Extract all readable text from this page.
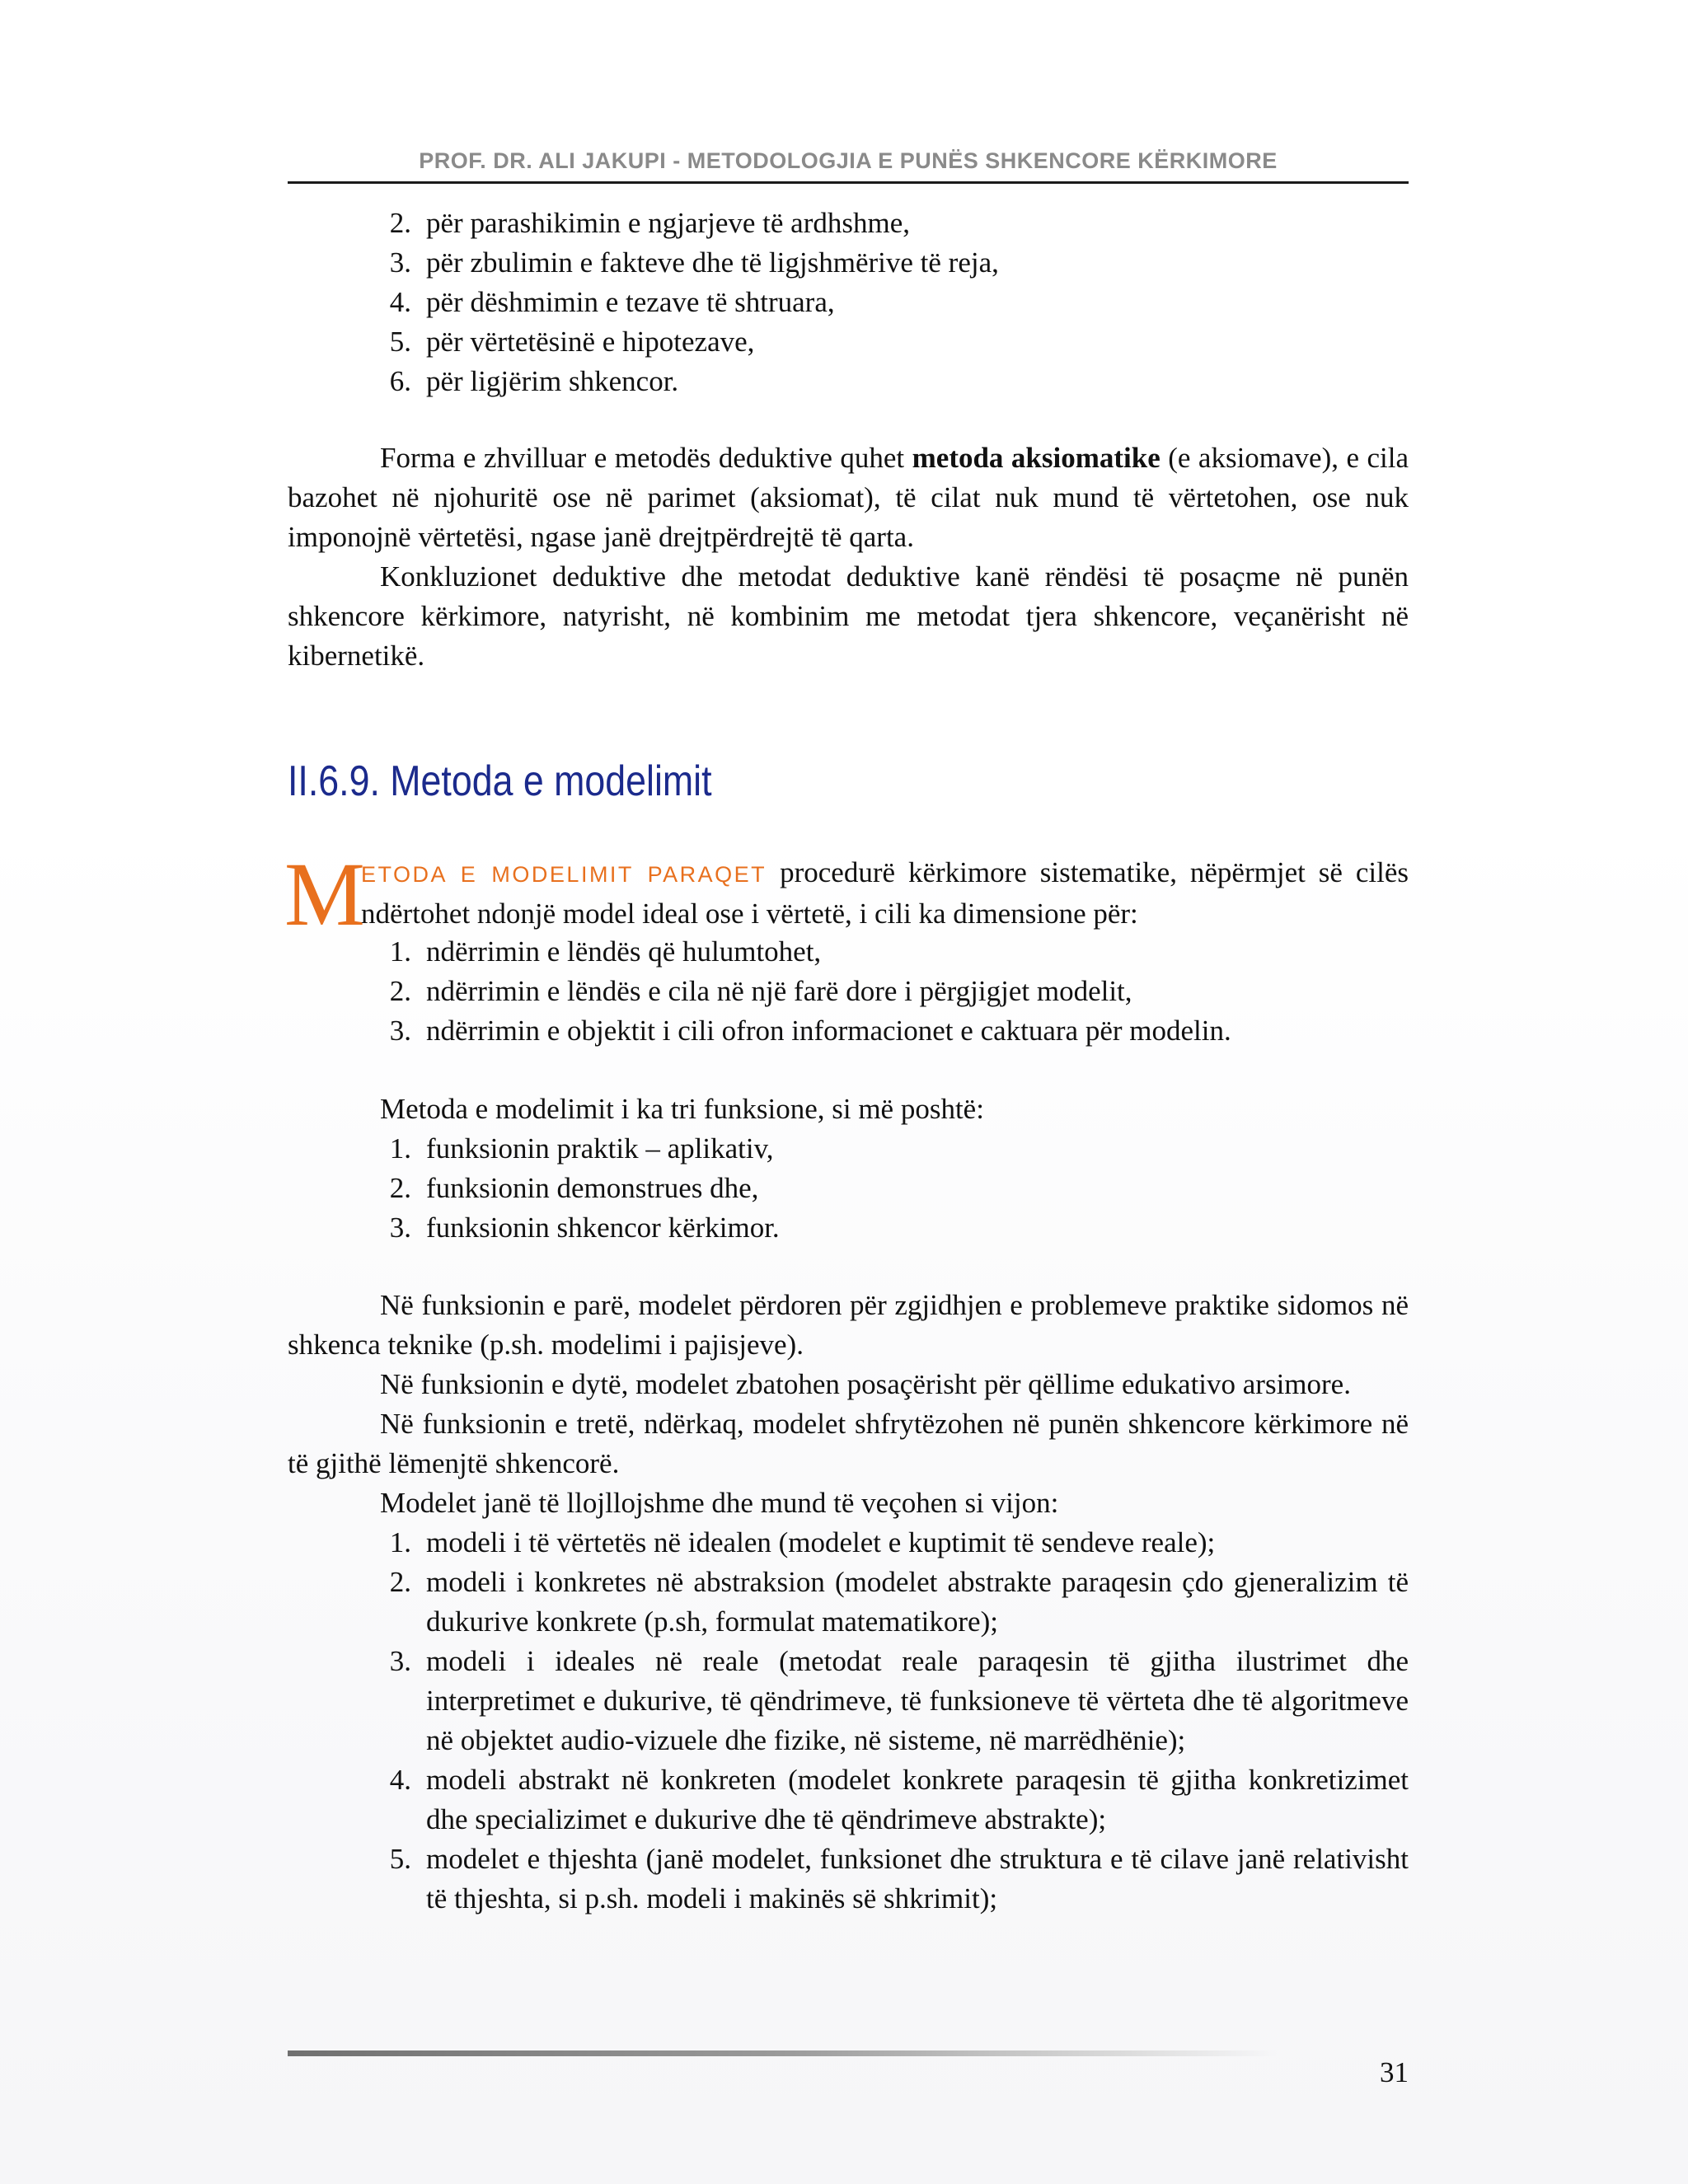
PROF. DR. ALI JAKUPI - METODOLOGJIA E PUNËS SHKENCORE KËRKIMORE
2. për parashikimin e ngjarjeve të ardhshme,
3. për zbulimin e fakteve dhe të ligjshmërive të reja,
4. për dëshmimin e tezave të shtruara,
5. për vërtetësinë e hipotezave,
6. për ligjërim shkencor.

Forma e zhvilluar e metodës deduktive quhet metoda aksiomatike (e aksiomave), e cila bazohet në njohuritë ose në parimet (aksiomat), të cilat nuk mund të vërtetohen, ose nuk imponojnë vërtetësi, ngase janë drejtpërdrejtë të qarta.

Konkluzionet deduktive dhe metodat deduktive kanë rëndësi të posaçme në punën shkencore kërkimore, natyrisht, në kombinim me metodat tjera shkencore, veçanërisht në kibernetikë.

II.6.9. Metoda e modelimit
M

ETODA E MODELIMIT PARAQET procedurë kërkimore sistematike, nëpërmjet së cilës ndërtohet ndonjë model ideal ose i vërtetë, i cili ka dimensione për:

1. ndërrimin e lëndës që hulumtohet,
2. ndërrimin e lëndës e cila në një farë dore i përgjigjet modelit,
3. ndërrimin e objektit i cili ofron informacionet e caktuara për modelin.

Metoda e modelimit i ka tri funksione, si më poshtë:

1. funksionin praktik – aplikativ,
2. funksionin demonstrues dhe,
3. funksionin shkencor kërkimor.

Në funksionin e parë, modelet përdoren për zgjidhjen e problemeve praktike sidomos në shkenca teknike (p.sh. modelimi i pajisjeve).

Në funksionin e dytë, modelet zbatohen posaçërisht për qëllime edukativo arsimore.

Në funksionin e tretë, ndërkaq, modelet shfrytëzohen në punën shkencore kërkimore në të gjithë lëmenjtë shkencorë.

Modelet janë të llojllojshme dhe mund të veçohen si vijon:

1. modeli i të vërtetës në idealen (modelet e kuptimit të sendeve reale);
2. modeli i konkretes në abstraksion (modelet abstrakte paraqesin çdo gjeneralizim të dukurive konkrete (p.sh, formulat matematikore);
3. modeli i ideales në reale (metodat reale paraqesin të gjitha ilustrimet dhe interpretimet e dukurive, të qëndrimeve, të funksioneve të vërteta dhe të algoritmeve në objektet audio-vizuele dhe fizike, në sisteme, në marrëdhënie);
4. modeli abstrakt në konkreten (modelet konkrete paraqesin të gjitha konkretizimet dhe specializimet e dukurive dhe të qëndrimeve abstrakte);
5. modelet e thjeshta (janë modelet, funksionet dhe struktura e të cilave janë relativisht të thjeshta, si p.sh. modeli i makinës së shkrimit);
31
